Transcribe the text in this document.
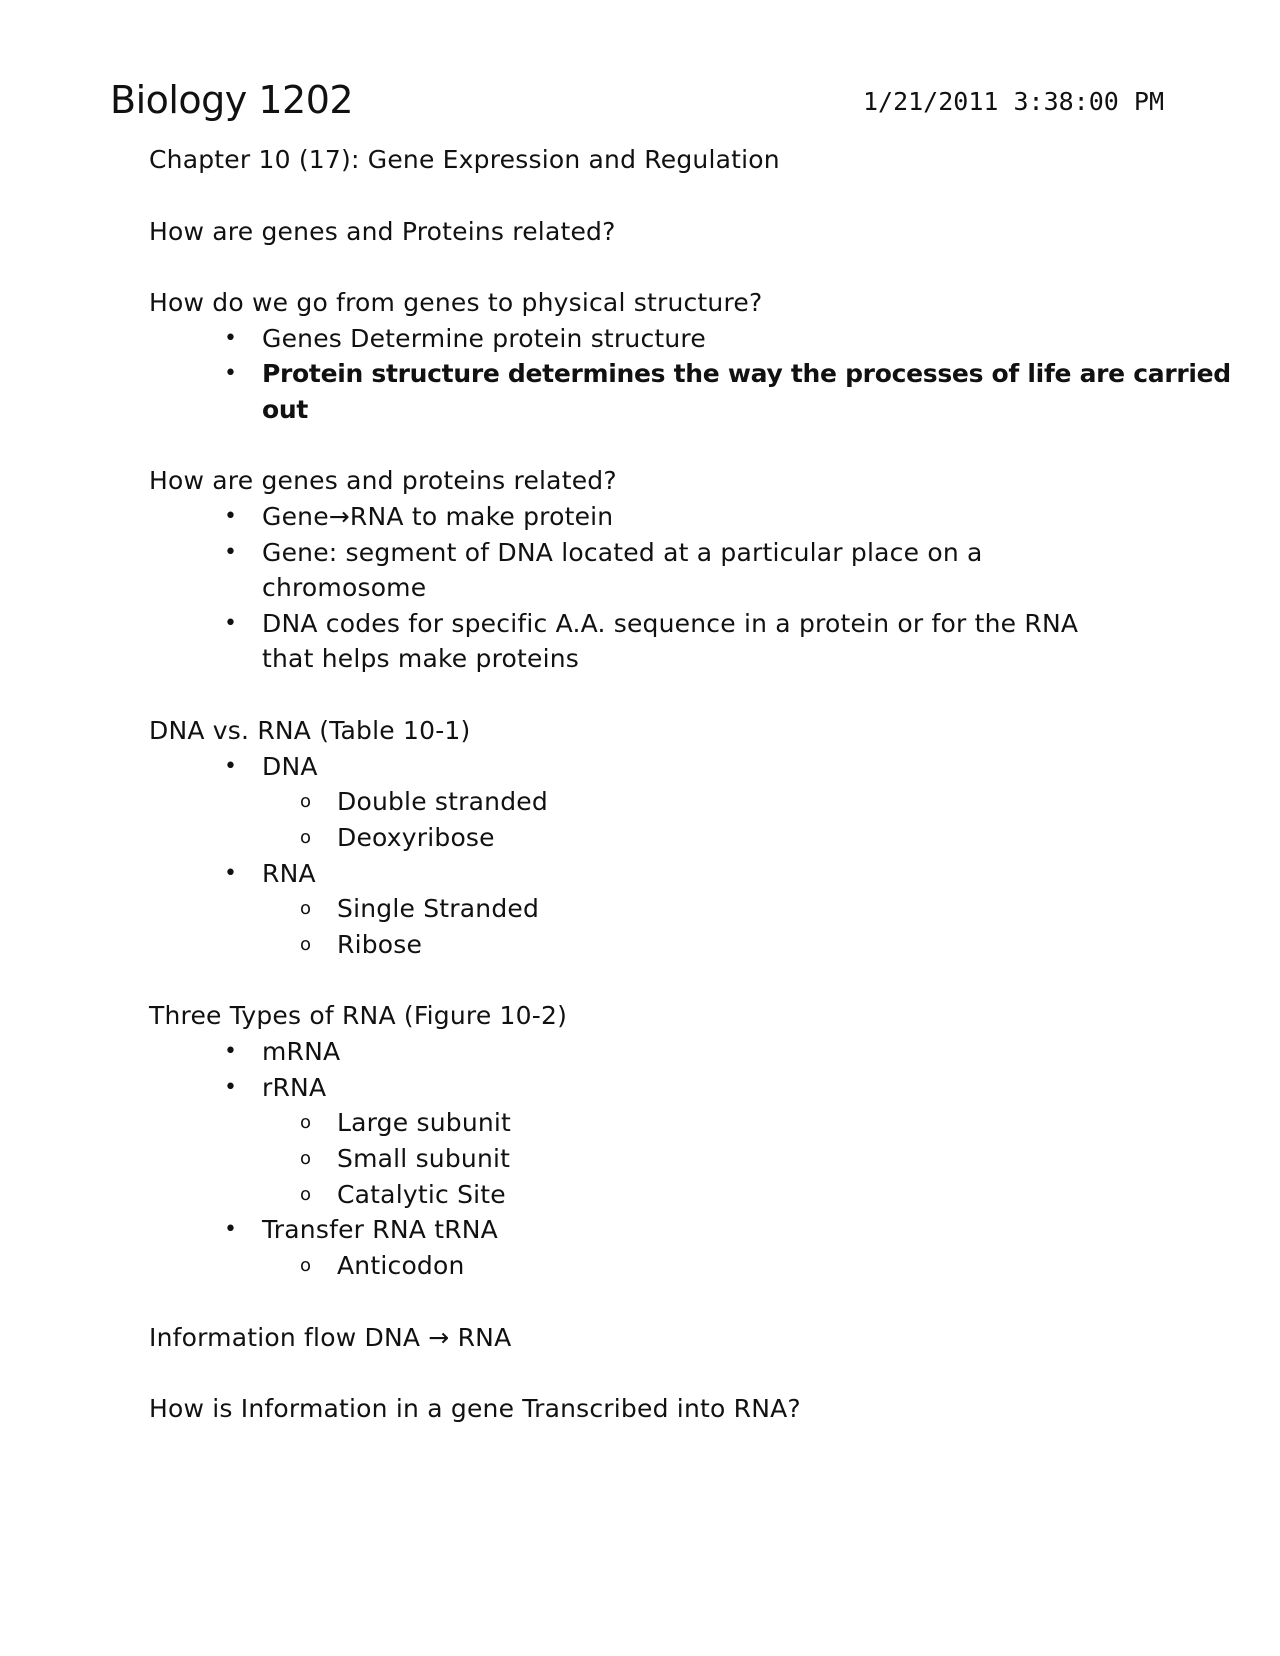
Biology 1202	1/21/2011 3:38:00 PM
Chapter 10 (17): Gene Expression and Regulation
How are genes and Proteins related?
How do we go from genes to physical structure?
• Genes Determine protein structure
• Protein structure determines the way the processes of life are carried
out
How are genes and proteins related?
• Gene→RNA to make protein
• Gene: segment of DNA located at a particular place on a
chromosome
• DNA codes for specific A.A. sequence in a protein or for the RNA
that helps make proteins
DNA vs. RNA (Table 10-1)
• DNA
o Double stranded
o Deoxyribose
• RNA
o Single Stranded
o Ribose
Three Types of RNA (Figure 10-2)
• mRNA
• rRNA
o Large subunit
o Small subunit
o Catalytic Site
• Transfer RNA tRNA
o Anticodon
Information flow DNA → RNA
How is Information in a gene Transcribed into RNA?
